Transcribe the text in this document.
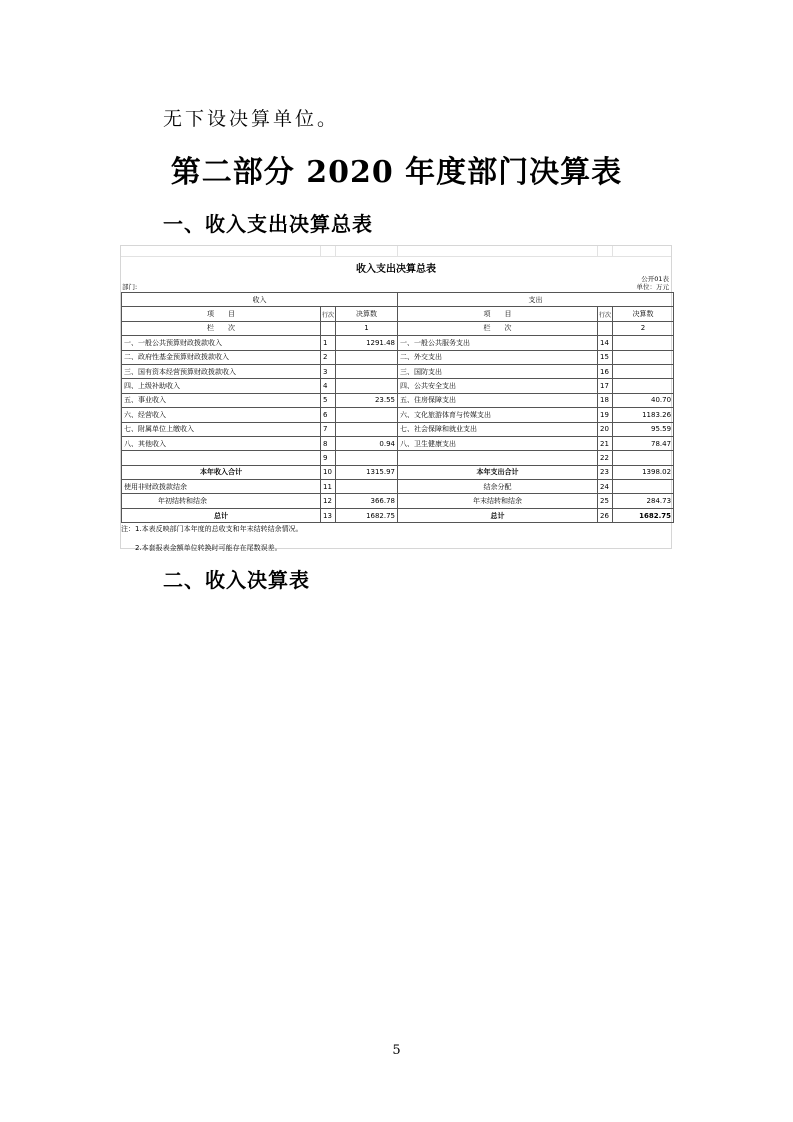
无下设决算单位。
第二部分 2020 年度部门决算表
一、收入支出决算总表
收入支出决算总表
公开01表
部门:	单位：万元
收入			支出		
项　　目	行次	决算数	项　　目	行次	决算数
栏　　次		1	栏　　次		2
一、一般公共预算财政拨款收入	1	1291.48	一、一般公共服务支出	14	
二、政府性基金预算财政拨款收入	2		二、外交支出	15	
三、国有资本经营预算财政拨款收入	3		三、国防支出	16	
四、上级补助收入	4		四、公共安全支出	17	
五、事业收入	5	23.55	五、住房保障支出	18	40.70
六、经营收入	6		六、文化旅游体育与传媒支出	19	1183.26
七、附属单位上缴收入	7		七、社会保障和就业支出	20	95.59
八、其他收入	8	0.94	八、卫生健康支出	21	78.47
	9			22	
本年收入合计	10	1315.97	本年支出合计	23	1398.02
使用非财政拨款结余	11		结余分配	24	
年初结转和结余	12	366.78	年末结转和结余	25	284.73
总计	13	1682.75	总计	26	1682.75
注：1.本表反映部门本年度的总收支和年末结转结余情况。
2.本套报表金额单位转换时可能存在尾数误差。
二、收入决算表
5
